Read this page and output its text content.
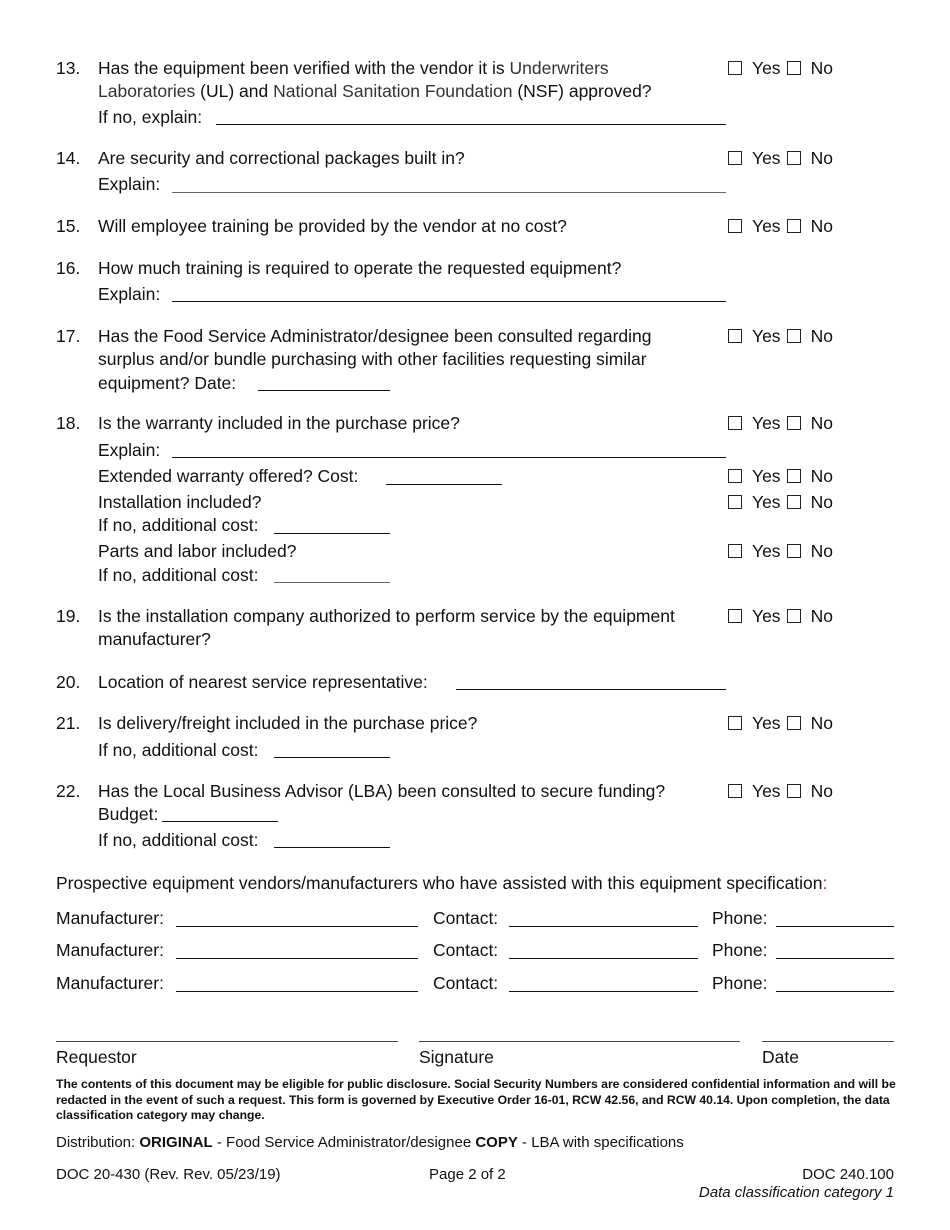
13. Has the equipment been verified with the vendor it is Underwriters
Laboratories (UL) and National Sanitation Foundation (NSF) approved?
If no, explain:
Yes No
14. Are security and correctional packages built in?
Explain:
Yes No
15. Will employee training be provided by the vendor at no cost?	Yes No
16. How much training is required to operate the requested equipment?
Explain:
17. Has the Food Service Administrator/designee been consulted regarding
surplus and/or bundle purchasing with other facilities requesting similar
equipment? Date:
Yes No
18. Is the warranty included in the purchase price?
Explain:
Yes No
Extended warranty offered? Cost:	Yes No
Installation included?	Yes No
If no, additional cost:
Parts and labor included?	Yes No
If no, additional cost:
19. Is the installation company authorized to perform service by the equipment
manufacturer?
Yes No
20. Location of nearest service representative:
21. Is delivery/freight included in the purchase price?
If no, additional cost:
Yes No
22. Has the Local Business Advisor (LBA) been consulted to secure funding?
Budget:
If no, additional cost:
Yes No
Prospective equipment vendors/manufacturers who have assisted with this equipment specification:
Manufacturer:	Contact:	Phone:
Manufacturer:	Contact:	Phone:
Manufacturer:	Contact:	Phone:
Requestor	Signature	Date
The contents of this document may be eligible for public disclosure. Social Security Numbers are considered confidential information and will be redacted in the event of such a request. This form is governed by Executive Order 16-01, RCW 42.56, and RCW 40.14. Upon completion, the data classification category may change.
Distribution: ORIGINAL - Food Service Administrator/designee COPY - LBA with specifications
DOC 20-430 (Rev. Rev. 05/23/19)	Page 2 of 2	DOC 240.100
Data classification category 1
